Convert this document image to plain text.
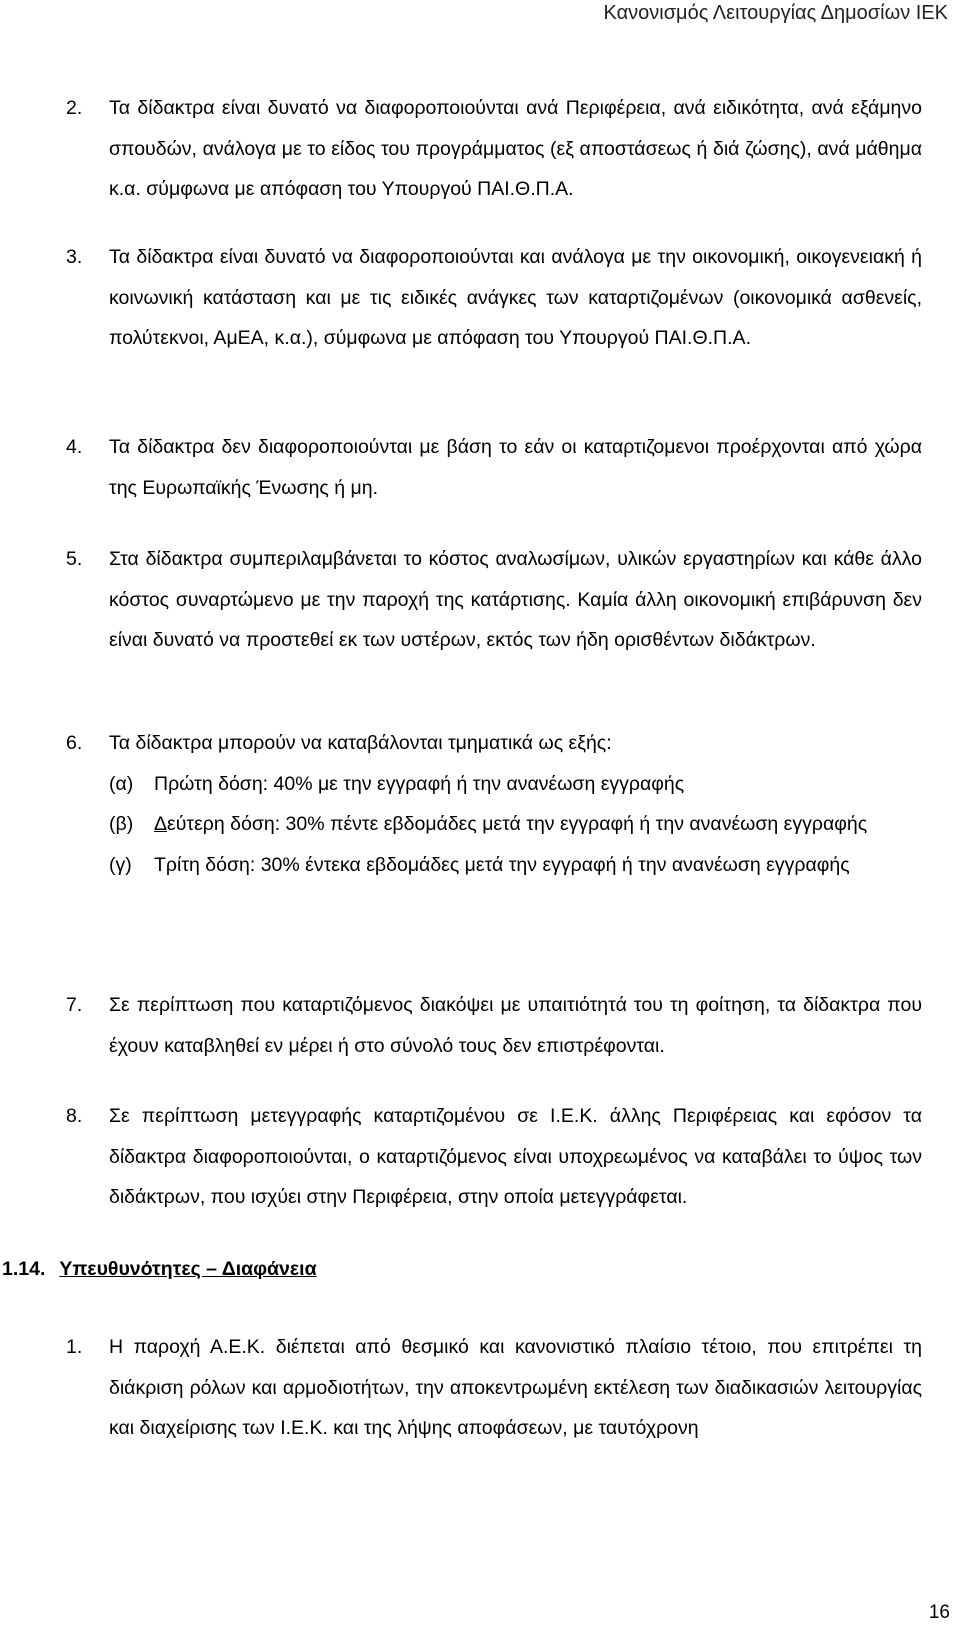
Κανονισμός Λειτουργίας Δημοσίων ΙΕΚ
2. Τα δίδακτρα είναι δυνατό να διαφοροποιούνται ανά Περιφέρεια, ανά ειδικότητα, ανά εξάμηνο σπουδών, ανάλογα με το είδος του προγράμματος (εξ αποστάσεως ή διά ζώσης), ανά μάθημα κ.α. σύμφωνα με απόφαση του Υπουργού ΠΑΙ.Θ.Π.Α.
3. Τα δίδακτρα είναι δυνατό να διαφοροποιούνται και ανάλογα με την οικονομική, οικογενειακή ή κοινωνική κατάσταση και με τις ειδικές ανάγκες των καταρτιζομένων (οικονομικά ασθενείς, πολύτεκνοι, ΑμΕΑ, κ.α.), σύμφωνα με απόφαση του Υπουργού ΠΑΙ.Θ.Π.Α.
4. Τα δίδακτρα δεν διαφοροποιούνται με βάση το εάν οι καταρτιζομενοι προέρχονται από χώρα της Ευρωπαϊκής Ένωσης ή μη.
5. Στα δίδακτρα συμπεριλαμβάνεται το κόστος αναλωσίμων, υλικών εργαστηρίων και κάθε άλλο κόστος συναρτώμενο με την παροχή της κατάρτισης. Καμία άλλη οικονομική επιβάρυνση δεν είναι δυνατό να προστεθεί εκ των υστέρων, εκτός των ήδη ορισθέντων διδάκτρων.
6. Τα δίδακτρα μπορούν να καταβάλονται τμηματικά ως εξής:
(α) Πρώτη δόση: 40% με την εγγραφή ή την ανανέωση εγγραφής
(β) Δεύτερη δόση: 30% πέντε εβδομάδες μετά την εγγραφή ή την ανανέωση εγγραφής
(γ) Τρίτη δόση: 30% έντεκα εβδομάδες μετά την εγγραφή ή την ανανέωση εγγραφής
7. Σε περίπτωση που καταρτιζόμενος διακόψει με υπαιτιότητά του τη φοίτηση, τα δίδακτρα που έχουν καταβληθεί εν μέρει ή στο σύνολό τους δεν επιστρέφονται.
8. Σε περίπτωση μετεγγραφής καταρτιζομένου σε Ι.Ε.Κ. άλλης Περιφέρειας και εφόσον τα δίδακτρα διαφοροποιούνται, ο καταρτιζόμενος είναι υποχρεωμένος να καταβάλει το ύψος των διδάκτρων, που ισχύει στην Περιφέρεια, στην οποία μετεγγράφεται.
1.14. Υπευθυνότητες – Διαφάνεια
1. Η παροχή Α.Ε.Κ. διέπεται από θεσμικό και κανονιστικό πλαίσιο τέτοιο, που επιτρέπει τη διάκριση ρόλων και αρμοδιοτήτων, την αποκεντρωμένη εκτέλεση των διαδικασιών λειτουργίας και διαχείρισης των Ι.Ε.Κ. και της λήψης αποφάσεων, με ταυτόχρονη
16
